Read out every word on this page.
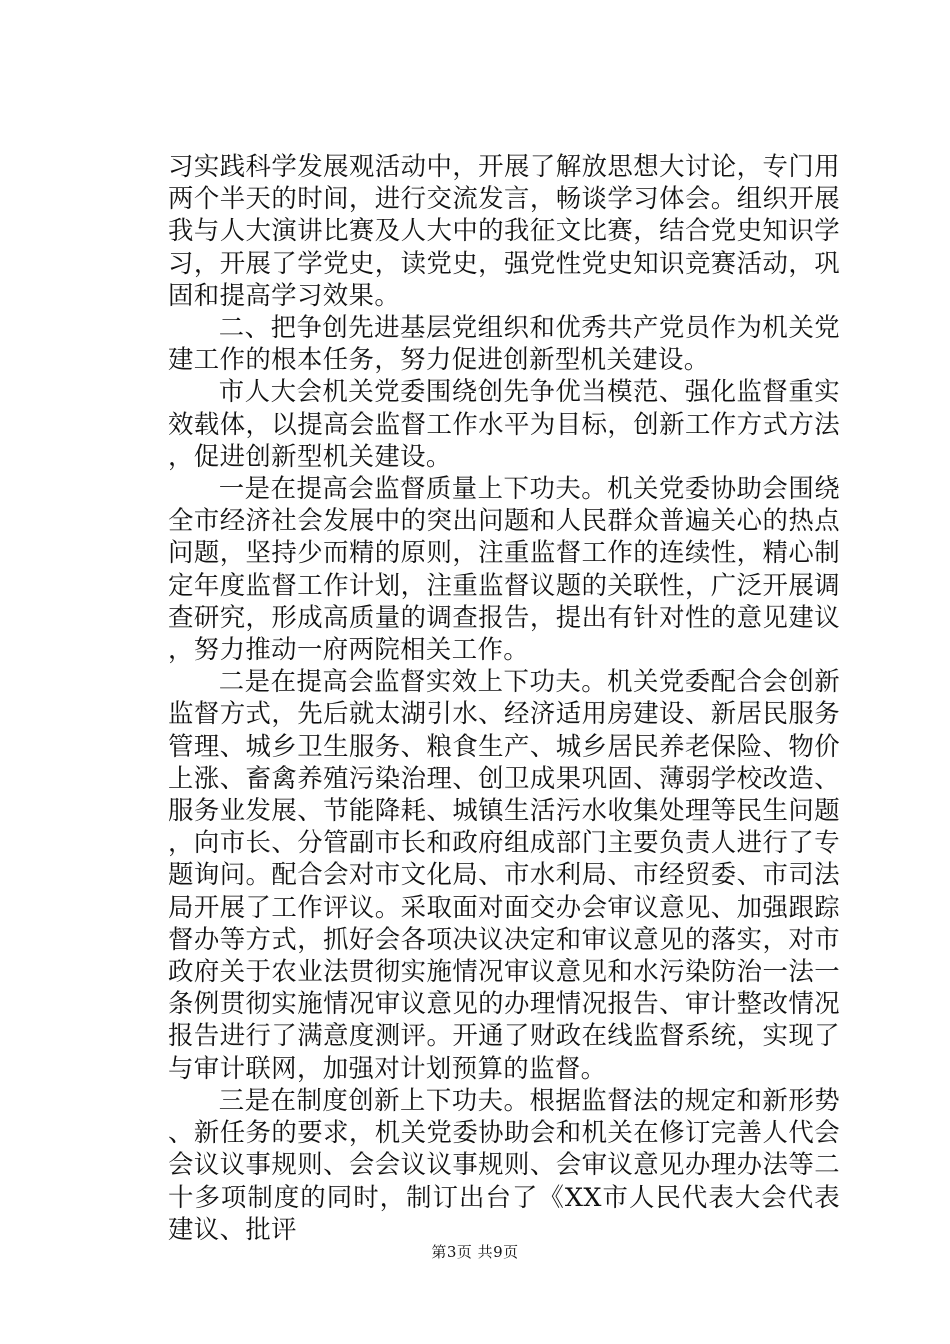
习实践科学发展观活动中，开展了解放思想大讨论，专门用两个半天的时间，进行交流发言，畅谈学习体会。组织开展我与人大演讲比赛及人大中的我征文比赛，结合党史知识学习，开展了学党史，读党史，强党性党史知识竞赛活动，巩固和提高学习效果。

二、把争创先进基层党组织和优秀共产党员作为机关党建工作的根本任务，努力促进创新型机关建设。

市人大会机关党委围绕创先争优当模范、强化监督重实效载体，以提高会监督工作水平为目标，创新工作方式方法，促进创新型机关建设。

一是在提高会监督质量上下功夫。机关党委协助会围绕全市经济社会发展中的突出问题和人民群众普遍关心的热点问题，坚持少而精的原则，注重监督工作的连续性，精心制定年度监督工作计划，注重监督议题的关联性，广泛开展调查研究，形成高质量的调查报告，提出有针对性的意见建议，努力推动一府两院相关工作。

二是在提高会监督实效上下功夫。机关党委配合会创新监督方式，先后就太湖引水、经济适用房建设、新居民服务管理、城乡卫生服务、粮食生产、城乡居民养老保险、物价上涨、畜禽养殖污染治理、创卫成果巩固、薄弱学校改造、服务业发展、节能降耗、城镇生活污水收集处理等民生问题，向市长、分管副市长和政府组成部门主要负责人进行了专题询问。配合会对市文化局、市水利局、市经贸委、市司法局开展了工作评议。采取面对面交办会审议意见、加强跟踪督办等方式，抓好会各项决议决定和审议意见的落实，对市政府关于农业法贯彻实施情况审议意见和水污染防治一法一条例贯彻实施情况审议意见的办理情况报告、审计整改情况报告进行了满意度测评。开通了财政在线监督系统，实现了与审计联网，加强对计划预算的监督。

三是在制度创新上下功夫。根据监督法的规定和新形势、新任务的要求，机关党委协助会和机关在修订完善人代会会议议事规则、会会议议事规则、会审议意见办理办法等二十多项制度的同时，制订出台了《XX市人民代表大会代表建议、批评

第3页 共9页
